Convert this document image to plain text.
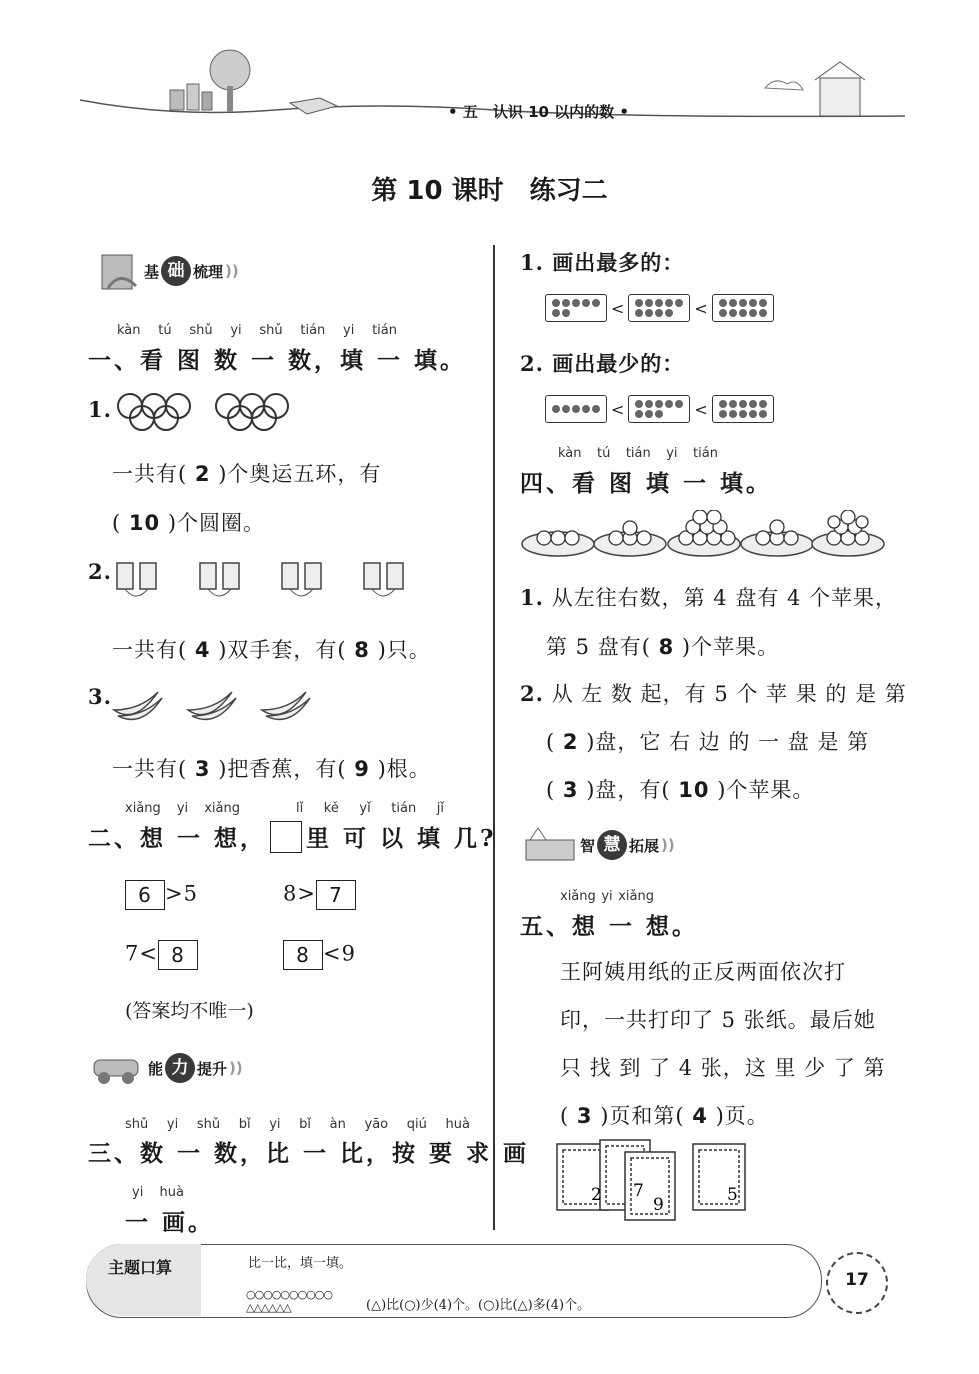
• 五　 认识 10 以内的数 •
第 10 课时　练习二
基 础 梳理 ))
kàn tú shǔ yi shǔ tián yi tián
一、看 图 数 一 数，填 一 填。
1.
一共有( 2 )个奥运五环，有
( 10 )个圆圈。
2.
一共有( 4 )双手套，有( 8 )只。
3.
一共有( 3 )把香蕉，有( 9 )根。
xiǎng yi xiǎng	lǐ kě yǐ tián jǐ
二、想 一 想， 里 可 以 填 几?
6 >5	8> 7
7< 8	8 <9
(答案均不唯一)
能 力 提升 ))
shǔ yi shǔ bǐ yi bǐ àn yāo qiú huà
三、数 一 数，比 一 比，按 要 求 画
yi huà
一 画。
1. 画出最多的：
<	<
2. 画出最少的：
<	<
kàn tú tián yi tián
四、看 图 填 一 填。
1. 从左往右数，第 4 盘有 4 个苹果，
第 5 盘有( 8 )个苹果。
2. 从 左 数 起，有 5 个 苹 果 的 是 第
( 2 )盘，它 右 边 的 一 盘 是 第
( 3 )盘，有( 10 )个苹果。
智 慧 拓展 ))
xiǎng yi xiǎng
五、想 一 想。
王阿姨用纸的正反两面依次打
印，一共打印了 5 张纸。最后她
只 找 到 了 4 张，这 里 少 了 第
( 3 )页和第( 4 )页。
2 7
9	5
主题口算	比一比，填一填。
○○○○○○○○○○
△△△△△△	(△)比(○)少(4)个。(○)比(△)多(4)个。
17
